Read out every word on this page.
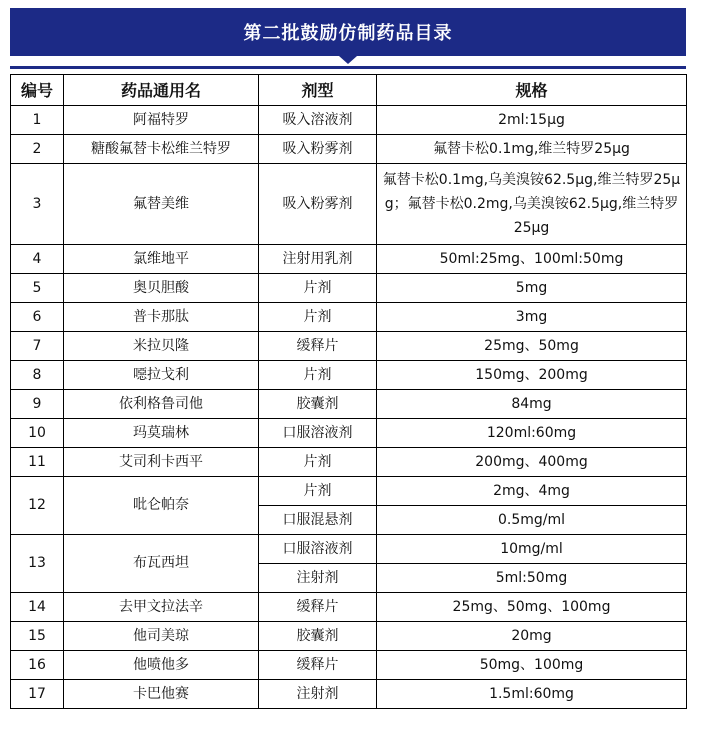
第二批鼓励仿制药品目录
编号	药品通用名	剂型	规格
1	阿福特罗	吸入溶液剂	2ml:15μg
2	糖酸氟替卡松维兰特罗	吸入粉雾剂	氟替卡松0.1mg,维兰特罗25μg
3	氟替美维	吸入粉雾剂	氟替卡松0.1mg,乌美溴铵62.5μg,维兰特罗25μg；氟替卡松0.2mg,乌美溴铵62.5μg,维兰特罗25μg
4	氯维地平	注射用乳剂	50ml:25mg、100ml:50mg
5	奥贝胆酸	片剂	5mg
6	普卡那肽	片剂	3mg
7	米拉贝隆	缓释片	25mg、50mg
8	噁拉戈利	片剂	150mg、200mg
9	依利格鲁司他	胶囊剂	84mg
10	玛莫瑞林	口服溶液剂	120ml:60mg
11	艾司利卡西平	片剂	200mg、400mg
12	吡仑帕奈	片剂	2mg、4mg
		口服混悬剂	0.5mg/ml
13	布瓦西坦	口服溶液剂	10mg/ml
		注射剂	5ml:50mg
14	去甲文拉法辛	缓释片	25mg、50mg、100mg
15	他司美琼	胶囊剂	20mg
16	他喷他多	缓释片	50mg、100mg
17	卡巴他赛	注射剂	1.5ml:60mg
